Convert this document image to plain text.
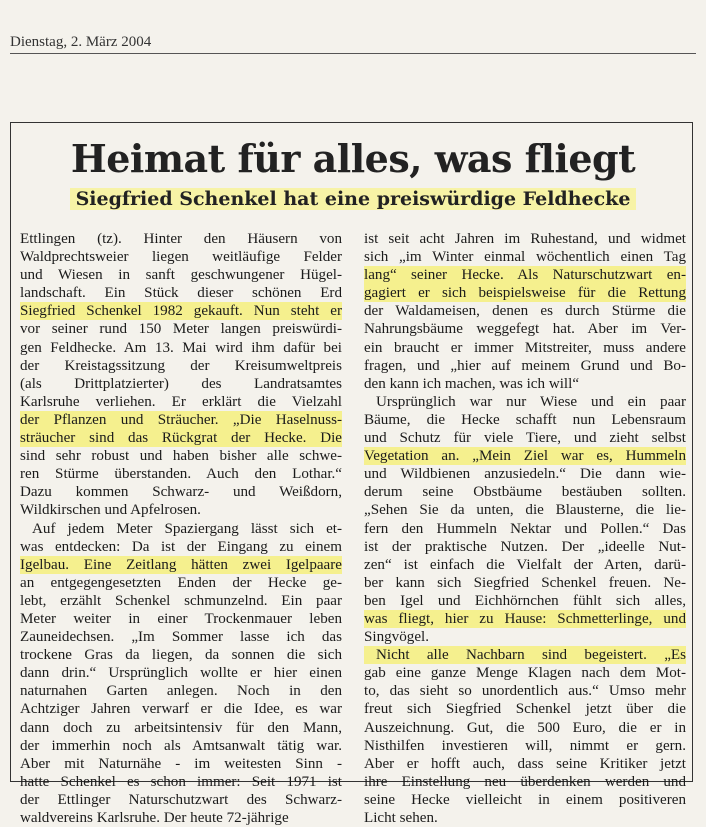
Dienstag, 2. März 2004
Heimat für alles, was fliegt
Siegfried Schenkel hat eine preiswürdige Feldhecke
Ettlingen (tz). Hinter den Häusern von
Waldprechtsweier liegen weitläufige Felder
und Wiesen in sanft geschwungener Hügel-
landschaft. Ein Stück dieser schönen Erd
Siegfried Schenkel 1982 gekauft. Nun steht er
vor seiner rund 150 Meter langen preiswürdi-
gen Feldhecke. Am 13. Mai wird ihm dafür bei
der Kreistagssitzung der Kreisumweltpreis
(als Drittplatzierter) des Landratsamtes
Karlsruhe verliehen. Er erklärt die Vielzahl
der Pflanzen und Sträucher. „Die Haselnuss-
sträucher sind das Rückgrat der Hecke. Die
sind sehr robust und haben bisher alle schwe-
ren Stürme überstanden. Auch den Lothar.“
Dazu kommen Schwarz- und Weißdorn,
Wildkirschen und Apfelrosen.
Auf jedem Meter Spaziergang lässt sich et-
was entdecken: Da ist der Eingang zu einem
Igelbau. Eine Zeitlang hätten zwei Igelpaare
an entgegengesetzten Enden der Hecke ge-
lebt, erzählt Schenkel schmunzelnd. Ein paar
Meter weiter in einer Trockenmauer leben
Zauneidechsen. „Im Sommer lasse ich das
trockene Gras da liegen, da sonnen die sich
dann drin.“ Ursprünglich wollte er hier einen
naturnahen Garten anlegen. Noch in den
Achtziger Jahren verwarf er die Idee, es war
dann doch zu arbeitsintensiv für den Mann,
der immerhin noch als Amtsanwalt tätig war.
Aber mit Naturnähe - im weitesten Sinn -
hatte Schenkel es schon immer: Seit 1971 ist
der Ettlinger Naturschutzwart des Schwarz-
waldvereins Karlsruhe. Der heute 72-jährige
ist seit acht Jahren im Ruhestand, und widmet
sich „im Winter einmal wöchentlich einen Tag
lang“ seiner Hecke. Als Naturschutzwart en-
gagiert er sich beispielsweise für die Rettung
der Waldameisen, denen es durch Stürme die
Nahrungsbäume weggefegt hat. Aber im Ver-
ein braucht er immer Mitstreiter, muss andere
fragen, und „hier auf meinem Grund und Bo-
den kann ich machen, was ich will“
Ursprünglich war nur Wiese und ein paar
Bäume, die Hecke schafft nun Lebensraum
und Schutz für viele Tiere, und zieht selbst
Vegetation an. „Mein Ziel war es, Hummeln
und Wildbienen anzusiedeln.“ Die dann wie-
derum seine Obstbäume bestäuben sollten.
„Sehen Sie da unten, die Blausterne, die lie-
fern den Hummeln Nektar und Pollen.“ Das
ist der praktische Nutzen. Der „ideelle Nut-
zen“ ist einfach die Vielfalt der Arten, darü-
ber kann sich Siegfried Schenkel freuen. Ne-
ben Igel und Eichhörnchen fühlt sich alles,
was fliegt, hier zu Hause: Schmetterlinge, und
Singvögel.
Nicht alle Nachbarn sind begeistert. „Es
gab eine ganze Menge Klagen nach dem Mot-
to, das sieht so unordentlich aus.“ Umso mehr
freut sich Siegfried Schenkel jetzt über die
Auszeichnung. Gut, die 500 Euro, die er in
Nisthilfen investieren will, nimmt er gern.
Aber er hofft auch, dass seine Kritiker jetzt
ihre Einstellung neu überdenken werden und
seine Hecke vielleicht in einem positiveren
Licht sehen.
